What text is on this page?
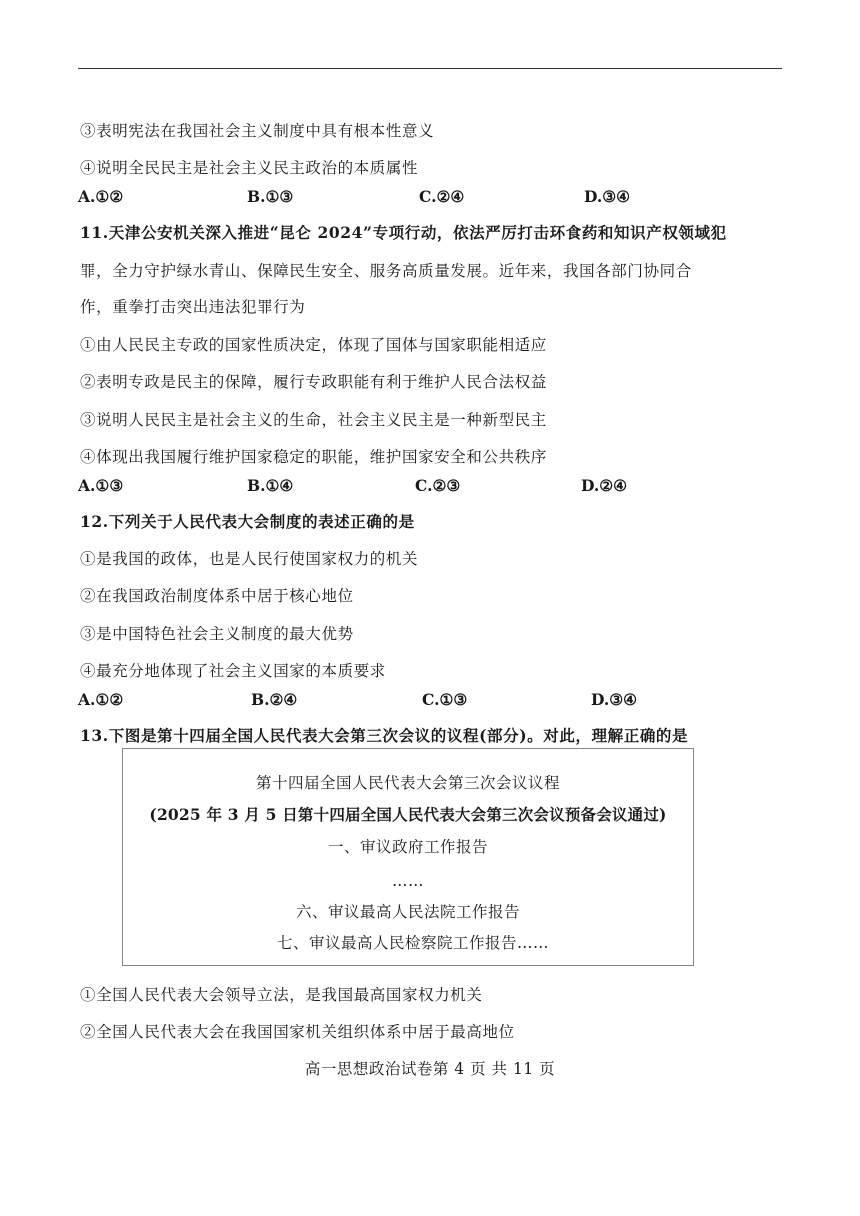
③表明宪法在我国社会主义制度中具有根本性意义
④说明全民民主是社会主义民主政治的本质属性
A.①②	B.①③	C.②④	D.③④
11.天津公安机关深入推进“昆仑 2024”专项行动，依法严厉打击环食药和知识产权领域犯
罪，全力守护绿水青山、保障民生安全、服务高质量发展。近年来，我国各部门协同合
作，重拳打击突出违法犯罪行为
①由人民民主专政的国家性质决定，体现了国体与国家职能相适应
②表明专政是民主的保障，履行专政职能有利于维护人民合法权益
③说明人民民主是社会主义的生命，社会主义民主是一种新型民主
④体现出我国履行维护国家稳定的职能，维护国家安全和公共秩序
A.①③	B.①④	C.②③	D.②④
12.下列关于人民代表大会制度的表述正确的是
①是我国的政体，也是人民行使国家权力的机关
②在我国政治制度体系中居于核心地位
③是中国特色社会主义制度的最大优势
④最充分地体现了社会主义国家的本质要求
A.①②	B.②④	C.①③	D.③④
13.下图是第十四届全国人民代表大会第三次会议的议程(部分)。对此，理解正确的是
第十四届全国人民代表大会第三次会议议程
(2025 年 3 月 5 日第十四届全国人民代表大会第三次会议预备会议通过)
一、审议政府工作报告
……
六、审议最高人民法院工作报告
七、审议最高人民检察院工作报告……
①全国人民代表大会领导立法，是我国最高国家权力机关
②全国人民代表大会在我国国家机关组织体系中居于最高地位
高一思想政治试卷第 4 页 共 11 页
